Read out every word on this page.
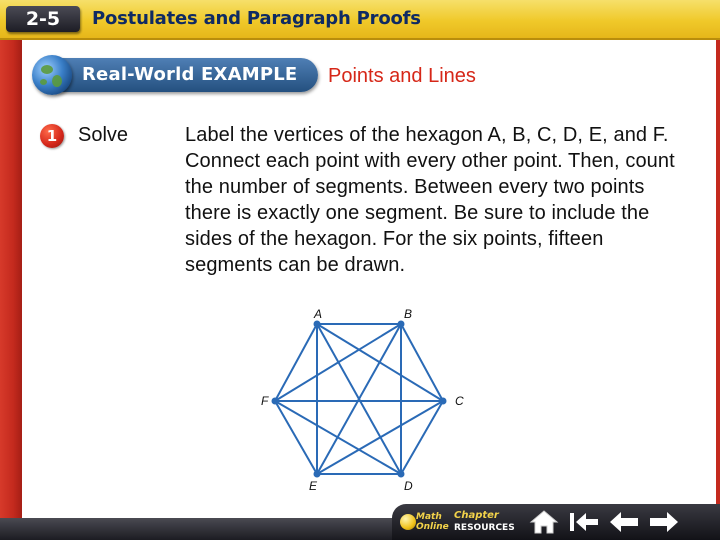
2-5	Postulates and Paragraph Proofs
Real-World EXAMPLE Points and Lines
1	Solve	Label the vertices of the hexagon A, B, C, D, E, and F. Connect each point with every other point. Then, count the number of segments. Between every two points there is exactly one segment. Be sure to include the sides of the hexagon. For the six points, fifteen segments can be drawn.

A	B
C
D
E
F
Math Online
Chapter
RESOURCES
